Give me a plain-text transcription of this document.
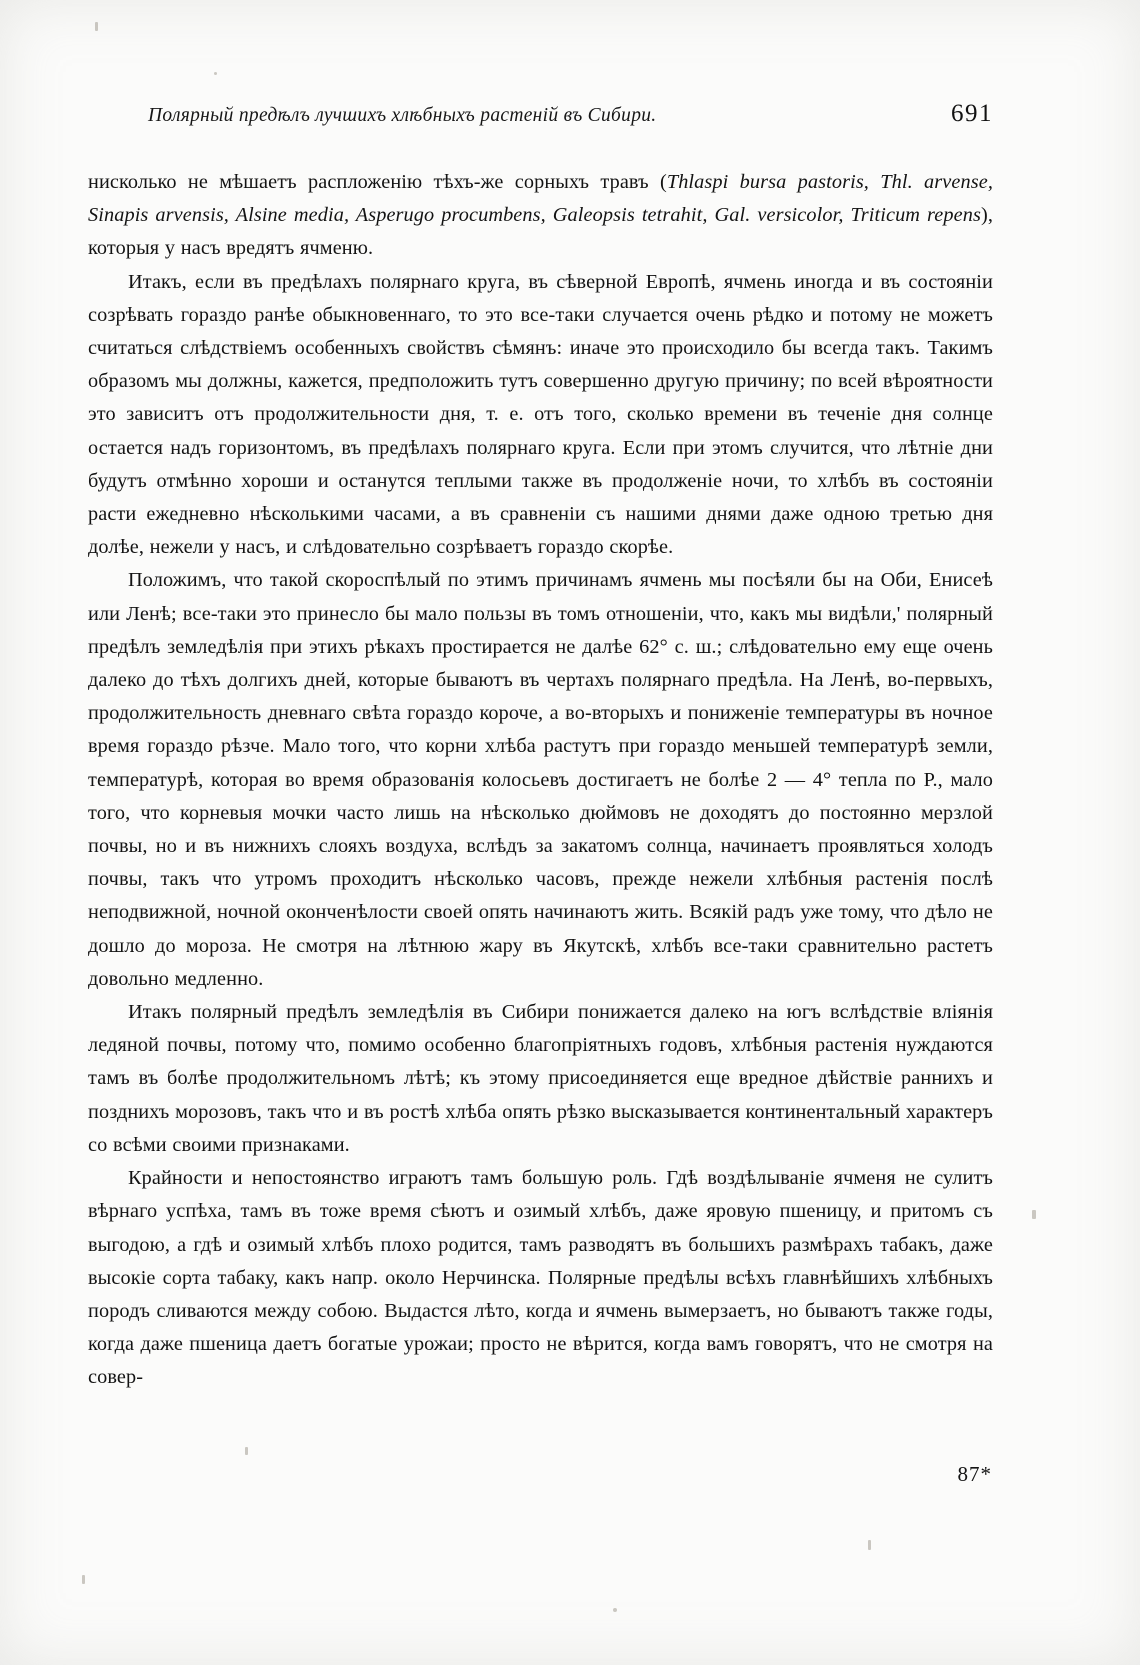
Полярный предѣлъ лучшихъ хлѣбныхъ растеній въ Сибири.	691

нисколько не мѣшаетъ распложенію тѣхъ-же сорныхъ травъ (Thlaspi bursa pastoris, Thl. arvense, Sinapis arvensis, Alsine media, Asperugo procumbens, Galeopsis tetrahit, Gal. versicolor, Triticum repens), которыя у насъ вредятъ ячменю.

Итакъ, если въ предѣлахъ полярнаго круга, въ сѣверной Европѣ, ячмень иногда и въ состояніи созрѣвать гораздо ранѣе обыкновеннаго, то это все-таки случается очень рѣдко и потому не можетъ считаться слѣдствіемъ особенныхъ свойствъ сѣмянъ: иначе это происходило бы всегда такъ. Такимъ образомъ мы должны, кажется, предположить тутъ совершенно другую причину; по всей вѣроятности это зависитъ отъ продолжительности дня, т. е. отъ того, сколько времени въ теченіе дня солнце остается надъ горизонтомъ, въ предѣлахъ полярнаго круга. Если при этомъ случится, что лѣтніе дни будутъ отмѣнно хороши и останутся теплыми также въ продолженіе ночи, то хлѣбъ въ состояніи расти ежедневно нѣсколькими часами, а въ сравненіи съ нашими днями даже одною третью дня долѣе, нежели у насъ, и слѣдовательно созрѣваетъ гораздо скорѣе.

Положимъ, что такой скороспѣлый по этимъ причинамъ ячмень мы посѣяли бы на Оби, Енисеѣ или Ленѣ; все-таки это принесло бы мало пользы въ томъ отношеніи, что, какъ мы видѣли,' полярный предѣлъ земледѣлія при этихъ рѣкахъ простирается не далѣе 62° с. ш.; слѣдовательно ему еще очень далеко до тѣхъ долгихъ дней, которые бываютъ въ чертахъ полярнаго предѣла. На Ленѣ, во-первыхъ, продолжительность дневнаго свѣта гораздо короче, а во-вторыхъ и пониженіе температуры въ ночное время гораздо рѣзче. Мало того, что корни хлѣба растутъ при гораздо меньшей температурѣ земли, температурѣ, которая во время образованія колосьевъ достигаетъ не болѣе 2 — 4° тепла по Р., мало того, что корневыя мочки часто лишь на нѣсколько дюймовъ не доходятъ до постоянно мерзлой почвы, но и въ нижнихъ слояхъ воздуха, вслѣдъ за закатомъ солнца, начинаетъ проявляться холодъ почвы, такъ что утромъ проходитъ нѣсколько часовъ, прежде нежели хлѣбныя растенія послѣ неподвижной, ночной оконченѣлости своей опять начинаютъ жить. Всякій радъ уже тому, что дѣло не дошло до мороза. Не смотря на лѣтнюю жару въ Якутскѣ, хлѣбъ все-таки сравнительно растетъ довольно медленно.

Итакъ полярный предѣлъ земледѣлія въ Сибири понижается далеко на югъ вслѣдствіе вліянія ледяной почвы, потому что, помимо особенно благопріятныхъ годовъ, хлѣбныя растенія нуждаются тамъ въ болѣе продолжительномъ лѣтѣ; къ этому присоединяется еще вредное дѣйствіе раннихъ и позднихъ морозовъ, такъ что и въ ростѣ хлѣба опять рѣзко высказывается континентальный характеръ со всѣми своими признаками.

Крайности и непостоянство играютъ тамъ большую роль. Гдѣ воздѣлываніе ячменя не сулитъ вѣрнаго успѣха, тамъ въ тоже время сѣютъ и озимый хлѣбъ, даже яровую пшеницу, и притомъ съ выгодою, а гдѣ и озимый хлѣбъ плохо родится, тамъ разводятъ въ большихъ размѣрахъ табакъ, даже высокіе сорта табаку, какъ напр. около Нерчинска. Полярные предѣлы всѣхъ главнѣйшихъ хлѣбныхъ породъ сливаются между собою. Выдастся лѣто, когда и ячмень вымерзаетъ, но бываютъ также годы, когда даже пшеница даетъ богатые урожаи; просто не вѣрится, когда вамъ говорятъ, что не смотря на совер-

87*
